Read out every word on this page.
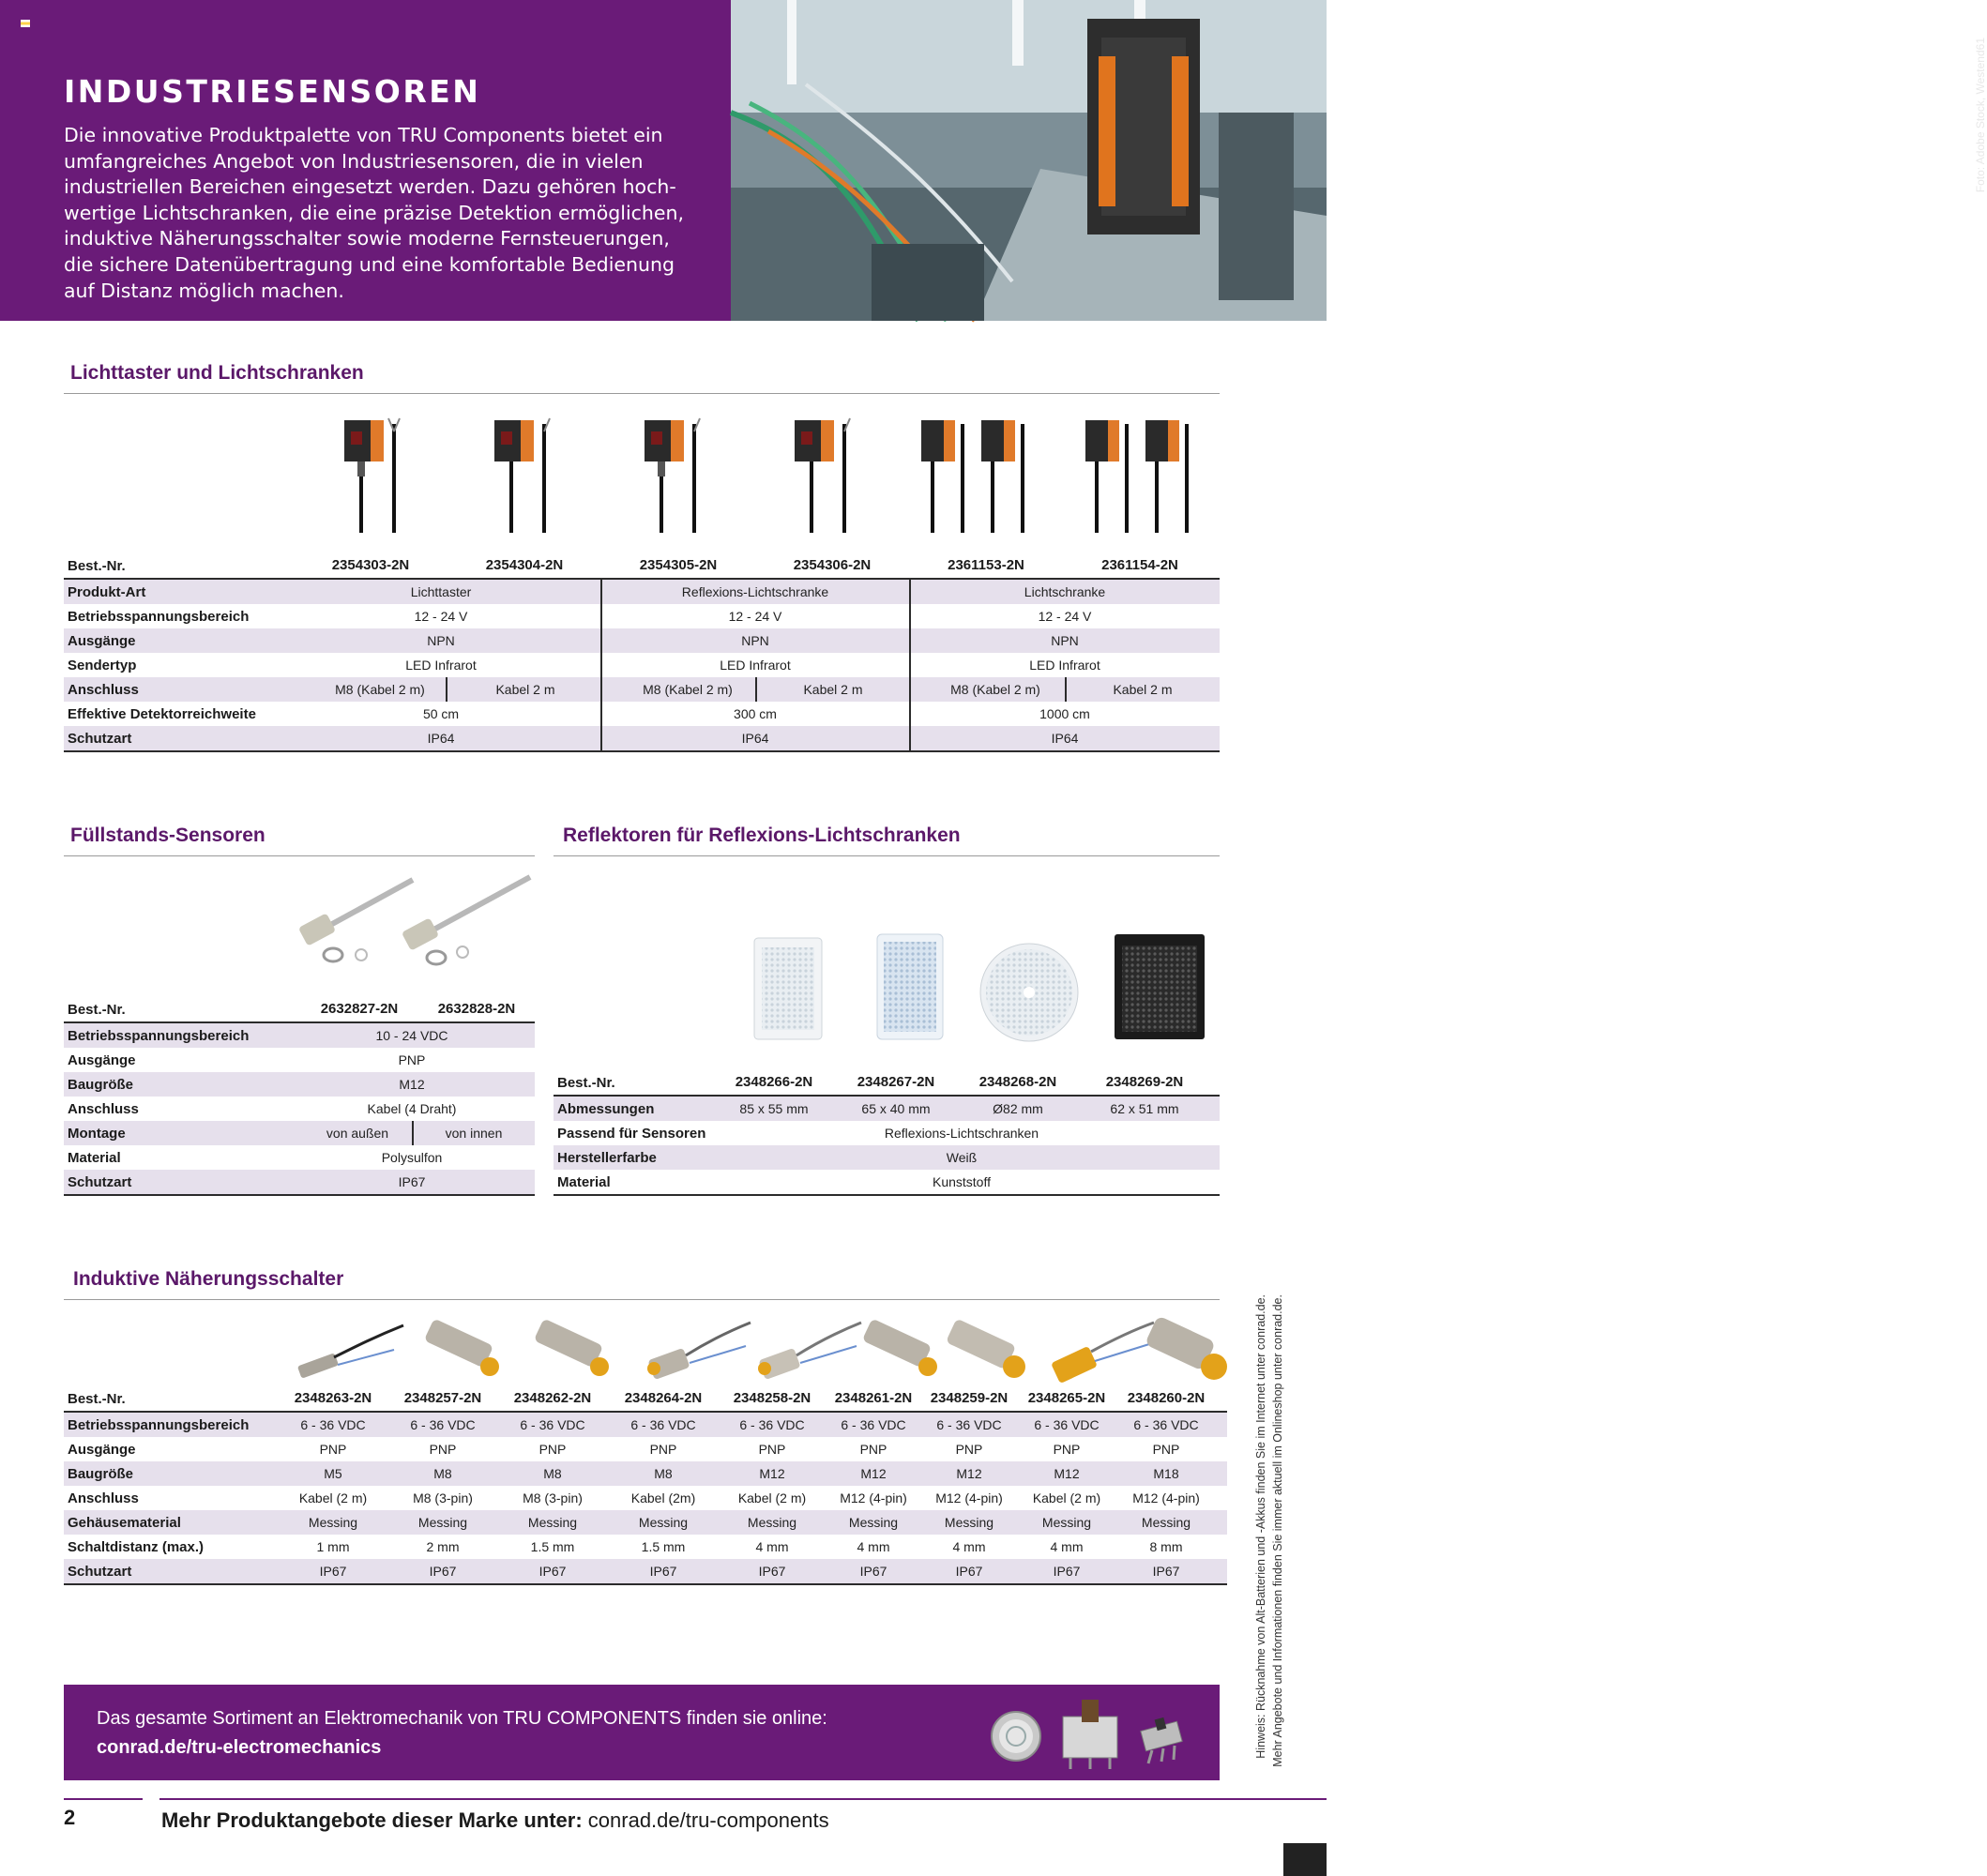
INDUSTRIESENSOREN

Die innovative Produktpalette von TRU Components bietet ein umfangreiches Angebot von Industriesensoren, die in vielen industriellen Bereichen eingesetzt werden. Dazu gehören hoch-wertige Lichtschranken, die eine präzise Detektion ermöglichen, induktive Näherungsschalter sowie moderne Fernsteuerungen, die sichere Datenübertragung und eine komfortable Bedienung auf Distanz möglich machen.

Foto: Adobe Stock, Westend61
Lichttaster und Lichtschranken
Best.-Nr.	2354303-2N	2354304-2N	2354305-2N	2354306-2N	2361153-2N	2361154-2N
Produkt-Art	Lichttaster	Reflexions-Lichtschranke	Lichtschranke
Betriebsspannungsbereich	12 - 24 V	12 - 24 V	12 - 24 V
Ausgänge	NPN	NPN	NPN
Sendertyp	LED Infrarot	LED Infrarot	LED Infrarot
Anschluss	M8 (Kabel 2 m)	Kabel 2 m	M8 (Kabel 2 m)	Kabel 2 m	M8 (Kabel 2 m)	Kabel 2 m
Effektive Detektorreichweite	50 cm	300 cm	1000 cm
Schutzart	IP64	IP64	IP64
Füllstands-Sensoren
Best.-Nr.	2632827-2N	2632828-2N
Betriebsspannungsbereich	10 - 24 VDC
Ausgänge	PNP
Baugröße	M12
Anschluss	Kabel (4 Draht)
Montage	von außen	von innen
Material	Polysulfon
Schutzart	IP67
Reflektoren für Reflexions-Lichtschranken
Best.-Nr.	2348266-2N	2348267-2N	2348268-2N	2348269-2N
Abmessungen	85 x 55 mm	65 x 40 mm	Ø82 mm	62 x 51 mm
Passend für Sensoren	Reflexions-Lichtschranken
Herstellerfarbe	Weiß
Material	Kunststoff
Induktive Näherungsschalter
Best.-Nr.	2348263-2N	2348257-2N	2348262-2N	2348264-2N	2348258-2N	2348261-2N	2348259-2N	2348265-2N	2348260-2N
Betriebsspannungsbereich	6 - 36 VDC	6 - 36 VDC	6 - 36 VDC	6 - 36 VDC	6 - 36 VDC	6 - 36 VDC	6 - 36 VDC	6 - 36 VDC	6 - 36 VDC
Ausgänge	PNP	PNP	PNP	PNP	PNP	PNP	PNP	PNP	PNP
Baugröße	M5	M8	M8	M8	M12	M12	M12	M12	M18
Anschluss	Kabel (2 m)	M8 (3-pin)	M8 (3-pin)	Kabel (2m)	Kabel (2 m)	M12 (4-pin)	M12 (4-pin)	Kabel (2 m)	M12 (4-pin)
Gehäusematerial	Messing	Messing	Messing	Messing	Messing	Messing	Messing	Messing	Messing
Schaltdistanz (max.)	1 mm	2 mm	1.5 mm	1.5 mm	4 mm	4 mm	4 mm	4 mm	8 mm
Schutzart	IP67	IP67	IP67	IP67	IP67	IP67	IP67	IP67	IP67
Das gesamte Sortiment an Elektromechanik von TRU COMPONENTS finden sie online:
conrad.de/tru-electromechanics
2	Mehr Produktangebote dieser Marke unter: conrad.de/tru-components
Hinweis: Rücknahme von Alt-Batterien und -Akkus finden Sie im Internet unter conrad.de. Mehr Angebote und Informationen finden Sie immer aktuell im Onlineshop unter conrad.de.
